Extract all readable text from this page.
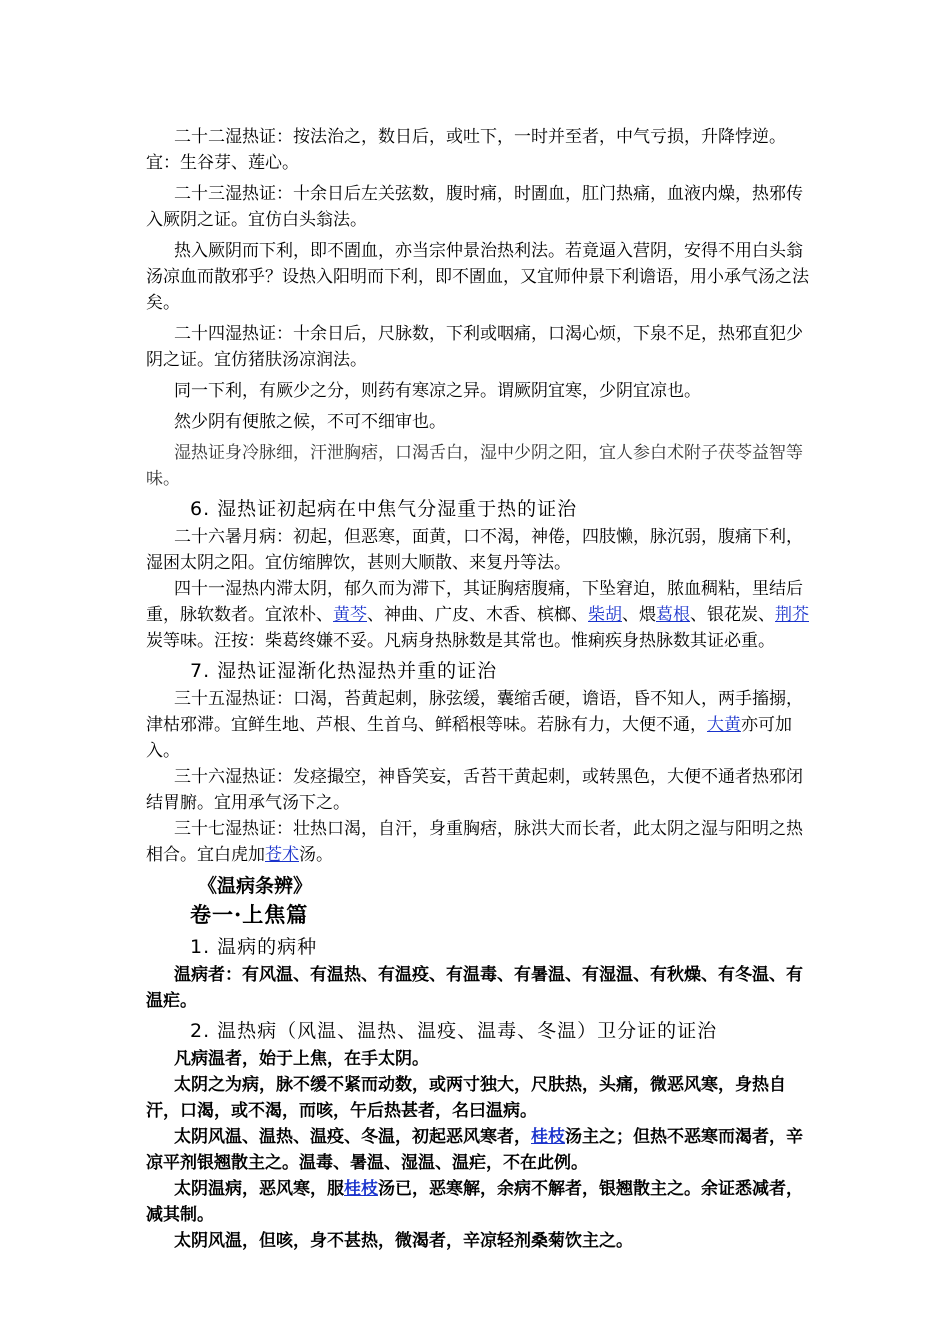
二十二湿热证：按法治之，数日后，或吐下，一时并至者，中气亏损，升降悖逆。宜：生谷芽、莲心。

二十三湿热证：十余日后左关弦数，腹时痛，时圊血，肛门热痛，血液内燥，热邪传入厥阴之证。宜仿白头翁法。

热入厥阴而下利，即不圊血，亦当宗仲景治热利法。若竟逼入营阴，安得不用白头翁汤凉血而散邪乎？设热入阳明而下利，即不圊血，又宜师仲景下利谵语，用小承气汤之法矣。

二十四湿热证：十余日后，尺脉数，下利或咽痛，口渴心烦，下泉不足，热邪直犯少阴之证。宜仿猪肤汤凉润法。

同一下利，有厥少之分，则药有寒凉之异。谓厥阴宜寒，少阴宜凉也。

然少阴有便脓之候，不可不细审也。

湿热证身冷脉细，汗泄胸痞，口渴舌白，湿中少阴之阳，宜人参白术附子茯苓益智等味。

6. 湿热证初起病在中焦气分湿重于热的证治

二十六暑月病：初起，但恶寒，面黄，口不渴，神倦，四肢懒，脉沉弱，腹痛下利，湿困太阴之阳。宜仿缩脾饮，甚则大顺散、来复丹等法。

四十一湿热内滞太阴，郁久而为滞下，其证胸痞腹痛，下坠窘迫，脓血稠粘，里结后重，脉软数者。宜浓朴、黄芩、神曲、广皮、木香、槟榔、柴胡、煨葛根、银花炭、荆芥炭等味。汪按：柴葛终嫌不妥。凡病身热脉数是其常也。惟痢疾身热脉数其证必重。

7. 湿热证湿渐化热湿热并重的证治

三十五湿热证：口渴，苔黄起刺，脉弦缓，囊缩舌硬，谵语，昏不知人，两手搐搦，津枯邪滞。宜鲜生地、芦根、生首乌、鲜稻根等味。若脉有力，大便不通，大黄亦可加入。

三十六湿热证：发痉撮空，神昏笑妄，舌苔干黄起刺，或转黑色，大便不通者热邪闭结胃腑。宜用承气汤下之。

三十七湿热证：壮热口渴，自汗，身重胸痞，脉洪大而长者，此太阴之湿与阳明之热相合。宜白虎加苍术汤。

《温病条辨》

卷一·上焦篇

1. 温病的病种

温病者：有风温、有温热、有温疫、有温毒、有暑温、有湿温、有秋燥、有冬温、有温疟。

2. 温热病（风温、温热、温疫、温毒、冬温）卫分证的证治

凡病温者，始于上焦，在手太阴。

太阴之为病，脉不缓不紧而动数，或两寸独大，尺肤热，头痛，微恶风寒，身热自汗，口渴，或不渴，而咳，午后热甚者，名曰温病。

太阴风温、温热、温疫、冬温，初起恶风寒者，桂枝汤主之；但热不恶寒而渴者，辛凉平剂银翘散主之。温毒、暑温、湿温、温疟，不在此例。

太阴温病，恶风寒，服桂枝汤已，恶寒解，余病不解者，银翘散主之。余证悉减者，减其制。

太阴风温，但咳，身不甚热，微渴者，辛凉轻剂桑菊饮主之。
